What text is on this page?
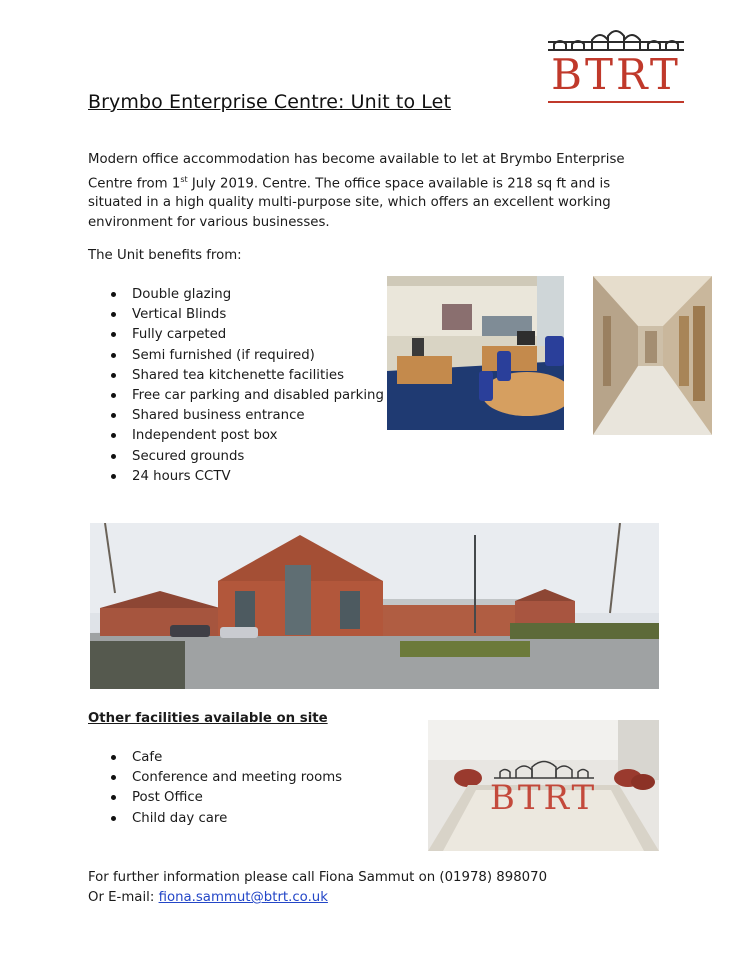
BTRT
Brymbo Enterprise Centre: Unit to Let
Modern office accommodation has become available to let at Brymbo Enterprise Centre from 1st July 2019. Centre. The office space available is 218 sq ft and is situated in a high quality multi-purpose site, which offers an excellent working environment for various businesses.
The Unit benefits from:
Double glazing
Vertical Blinds
Fully carpeted
Semi furnished (if required)
Shared tea kitchenette facilities
Free car parking and disabled parking
Shared business entrance
Independent post box
Secured grounds
24 hours CCTV
Other facilities available on site
Cafe
Conference and meeting rooms
Post Office
Child day care
BTRT
For further information please call Fiona Sammut on (01978) 898070
Or E-mail: fiona.sammut@btrt.co.uk
